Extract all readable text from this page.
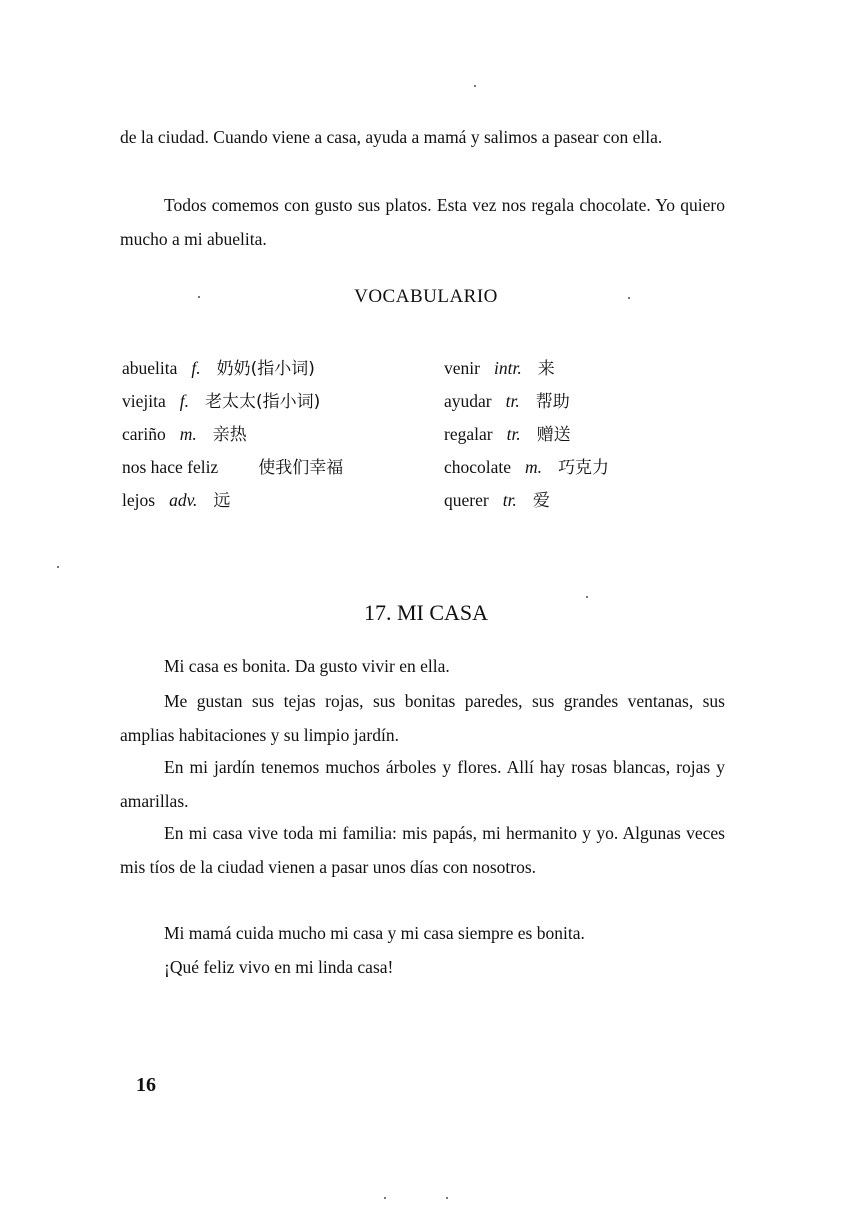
de la ciudad. Cuando viene a casa, ayuda a mamá y salimos a pasear con ella.

Todos comemos con gusto sus platos. Esta vez nos regala chocolate. Yo quiero mucho a mi abuelita.

VOCABULARIO
abuelita f. 奶奶(指小词)
viejita f. 老太太(指小词)
cariño m. 亲热
nos hace feliz 使我们幸福
lejos adv. 远
venir intr. 来
ayudar tr. 帮助
regalar tr. 赠送
chocolate m. 巧克力
querer tr. 爱
17. MI CASA

Mi casa es bonita. Da gusto vivir en ella.

Me gustan sus tejas rojas, sus bonitas paredes, sus grandes ventanas, sus amplias habitaciones y su limpio jardín.

En mi jardín tenemos muchos árboles y flores. Allí hay rosas blancas, rojas y amarillas.

En mi casa vive toda mi familia: mis papás, mi hermanito y yo. Algunas veces mis tíos de la ciudad vienen a pasar unos días con nosotros.

Mi mamá cuida mucho mi casa y mi casa siempre es bonita.

¡Qué feliz vivo en mi linda casa!

16
